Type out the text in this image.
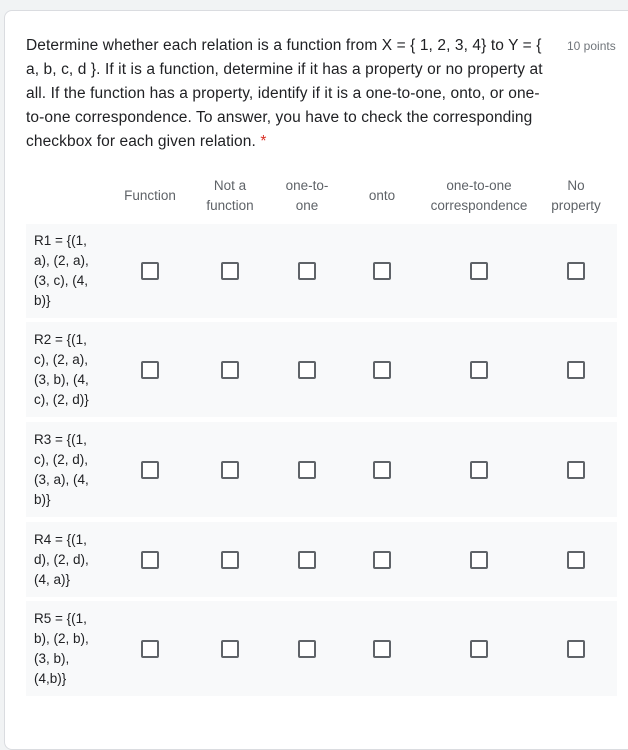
Determine whether each relation is a function from X = { 1, 2, 3, 4} to Y = { a, b, c, d }. If it is a function, determine if it has a property or no property at all. If the function has a property, identify if it is a one-to-one, onto, or one-to-one correspondence. To answer, you have to check the corresponding checkbox for each given relation. *
10 points
Function
Not a
function
one-to-
one
onto
one-to-one
correspondence
No
property
R1 = {(1,
a), (2, a),
(3, c), (4,
b)}
R2 = {(1,
c), (2, a),
(3, b), (4,
c), (2, d)}
R3 = {(1,
c), (2, d),
(3, a), (4,
b)}
R4 = {(1,
d), (2, d),
(4, a)}
R5 = {(1,
b), (2, b),
(3, b),
(4,b)}
